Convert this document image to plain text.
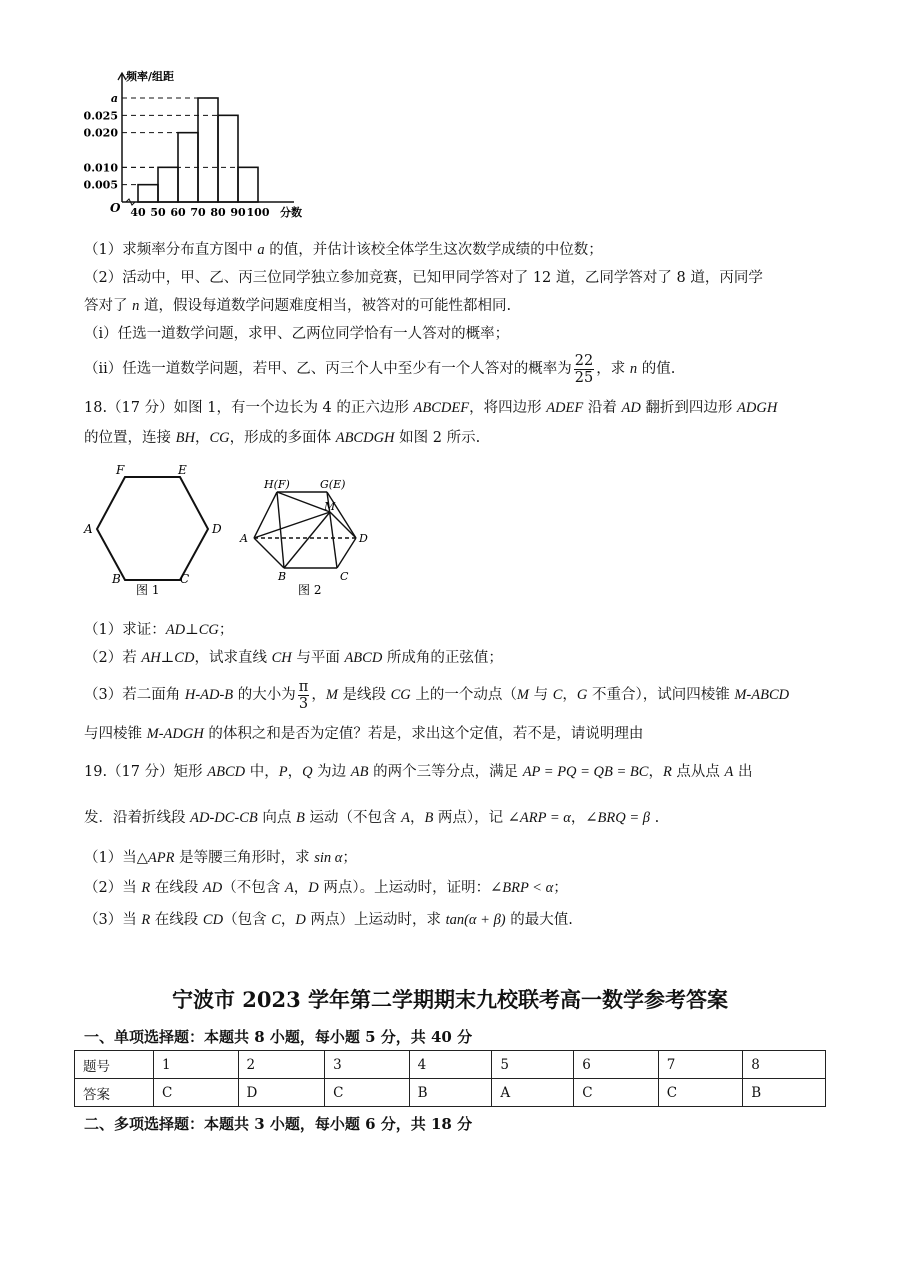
a
0.025
0.020
0.010
0.005
40 50 60 70 80 90 100 分数
频率/组距
O
（1）求频率分布直方图中 a 的值，并估计该校全体学生这次数学成绩的中位数；
（2）活动中，甲、乙、丙三位同学独立参加竞赛，已知甲同学答对了 12 道，乙同学答对了 8 道，丙同学
答对了 n 道，假设每道数学问题难度相当，被答对的可能性都相同.
（i）任选一道数学问题，求甲、乙两位同学恰有一人答对的概率；
（ii）任选一道数学问题，若甲、乙、丙三个人中至少有一个人答对的概率为 $\frac{22}{25}$ ，求 n 的值.
18.（17 分）如图 1，有一个边长为 4 的正六边形 ABCDEF，将四边形 ADEF 沿着 AD 翻折到四边形 ADGH
的位置，连接 BH，CG，形成的多面体 ABCDGH 如图 2 所示.
F	E
A	D
B	C
图 1
H(F)	G(E)
M
A	D
B	C
图 2
（1）求证：AD⊥CG；
（2）若 AH⊥CD，试求直线 CH 与平面 ABCD 所成角的正弦值；
（3）若二面角 H-AD-B 的大小为 $\frac{\pi}{3}$ ，M 是线段 CG 上的一个动点（M 与 C，G 不重合），试问四棱锥 M-ABCD
与四棱锥 M-ADGH 的体积之和是否为定值？若是，求出这个定值，若不是，请说明理由
19.（17 分）矩形 ABCD 中，P，Q 为边 AB 的两个三等分点，满足 AP = PQ = QB = BC，R 点从点 A 出
发．沿着折线段 AD-DC-CB 向点 B 运动（不包含 A，B 两点），记 ∠ARP = α，∠BRQ = β .
（1）当△APR 是等腰三角形时，求 sin α；
（2）当 R 在线段 AD（不包含 A，D 两点）。上运动时，证明：∠BRP < α；
（3）当 R 在线段 CD（包含 C，D 两点）上运动时，求 tan(α + β) 的最大值.
宁波市 2023 学年第二学期期末九校联考高一数学参考答案
一、单项选择题：本题共 8 小题，每小题 5 分，共 40 分
题号	1	2	3	4	5	6	7	8
答案	C	D	C	B	A	C	C	B
二、多项选择题：本题共 3 小题，每小题 6 分，共 18 分
